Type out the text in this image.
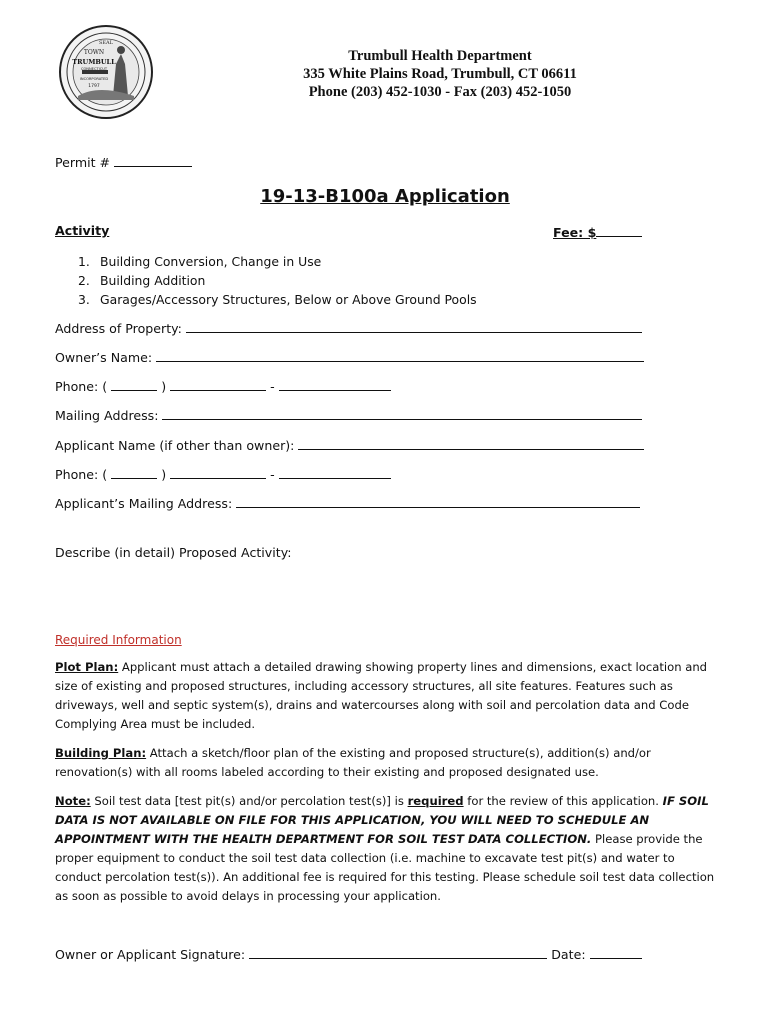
SEAL
TOWN
TRUMBULL
CONNECTICUT
INCORPORATED
1797
Trumbull Health Department
335 White Plains Road, Trumbull, CT 06611
Phone (203) 452-1030 - Fax (203) 452-1050
Permit #
19-13-B100a Application
Activity	Fee: $
1. Building Conversion, Change in Use
2. Building Addition
3. Garages/Accessory Structures, Below or Above Ground Pools
Address of Property:
Owner’s Name:
Phone: (	)	-
Mailing Address:
Applicant Name (if other than owner):
Phone: (	)	-
Applicant’s Mailing Address:
Describe (in detail) Proposed Activity:
Required Information
Plot Plan: Applicant must attach a detailed drawing showing property lines and dimensions, exact location and size of existing and proposed structures, including accessory structures, all site features. Features such as driveways, well and septic system(s), drains and watercourses along with soil and percolation data and Code Complying Area must be included.
Building Plan: Attach a sketch/floor plan of the existing and proposed structure(s), addition(s) and/or renovation(s) with all rooms labeled according to their existing and proposed designated use.
Note: Soil test data [test pit(s) and/or percolation test(s)] is required for the review of this application. IF SOIL DATA IS NOT AVAILABLE ON FILE FOR THIS APPLICATION, YOU WILL NEED TO SCHEDULE AN APPOINTMENT WITH THE HEALTH DEPARTMENT FOR SOIL TEST DATA COLLECTION. Please provide the proper equipment to conduct the soil test data collection (i.e. machine to excavate test pit(s) and water to conduct percolation test(s)). An additional fee is required for this testing. Please schedule soil test data collection as soon as possible to avoid delays in processing your application.
Owner or Applicant Signature:	Date:
